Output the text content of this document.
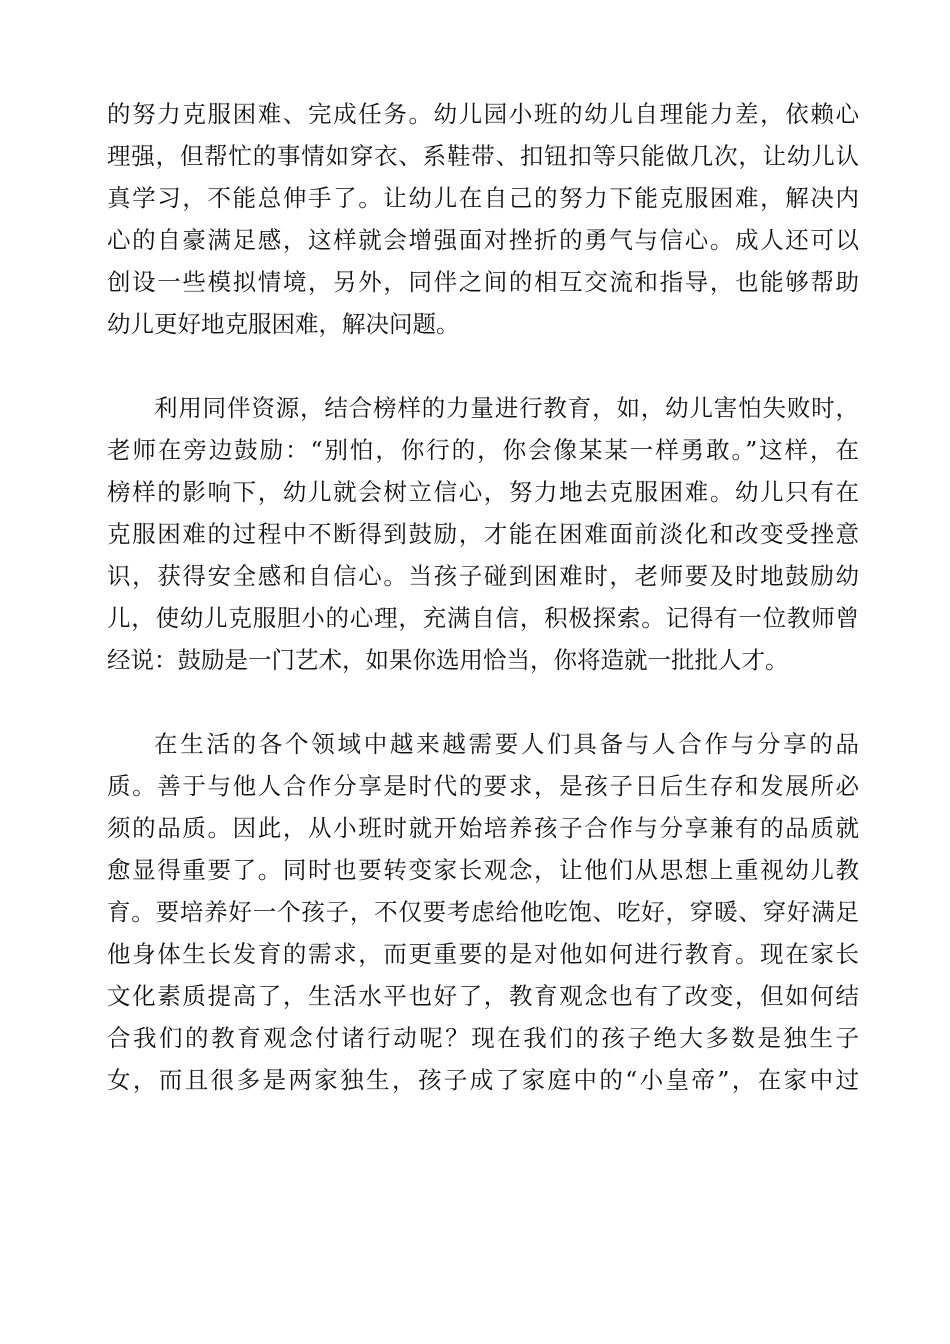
的努力克服困难、完成任务。幼儿园小班的幼儿自理能力差，依赖心
理强，但帮忙的事情如穿衣、系鞋带、扣钮扣等只能做几次，让幼儿认
真学习，不能总伸手了。让幼儿在自己的努力下能克服困难，解决内
心的自豪满足感，这样就会增强面对挫折的勇气与信心。成人还可以
创设一些模拟情境，另外，同伴之间的相互交流和指导，也能够帮助
幼儿更好地克服困难，解决问题。
利用同伴资源，结合榜样的力量进行教育，如，幼儿害怕失败时，
老师在旁边鼓励：“别怕，你行的，你会像某某一样勇敢。”这样，在
榜样的影响下，幼儿就会树立信心，努力地去克服困难。幼儿只有在
克服困难的过程中不断得到鼓励，才能在困难面前淡化和改变受挫意
识，获得安全感和自信心。当孩子碰到困难时，老师要及时地鼓励幼
儿，使幼儿克服胆小的心理，充满自信，积极探索。记得有一位教师曾
经说：鼓励是一门艺术，如果你选用恰当，你将造就一批批人才。
在生活的各个领域中越来越需要人们具备与人合作与分享的品
质。善于与他人合作分享是时代的要求，是孩子日后生存和发展所必
须的品质。因此，从小班时就开始培养孩子合作与分享兼有的品质就
愈显得重要了。同时也要转变家长观念，让他们从思想上重视幼儿教
育。要培养好一个孩子，不仅要考虑给他吃饱、吃好，穿暖、穿好满足
他身体生长发育的需求，而更重要的是对他如何进行教育。现在家长
文化素质提高了，生活水平也好了，教育观念也有了改变，但如何结
合我们的教育观念付诸行动呢？现在我们的孩子绝大多数是独生子
女，而且很多是两家独生，孩子成了家庭中的“小皇帝”，在家中过
